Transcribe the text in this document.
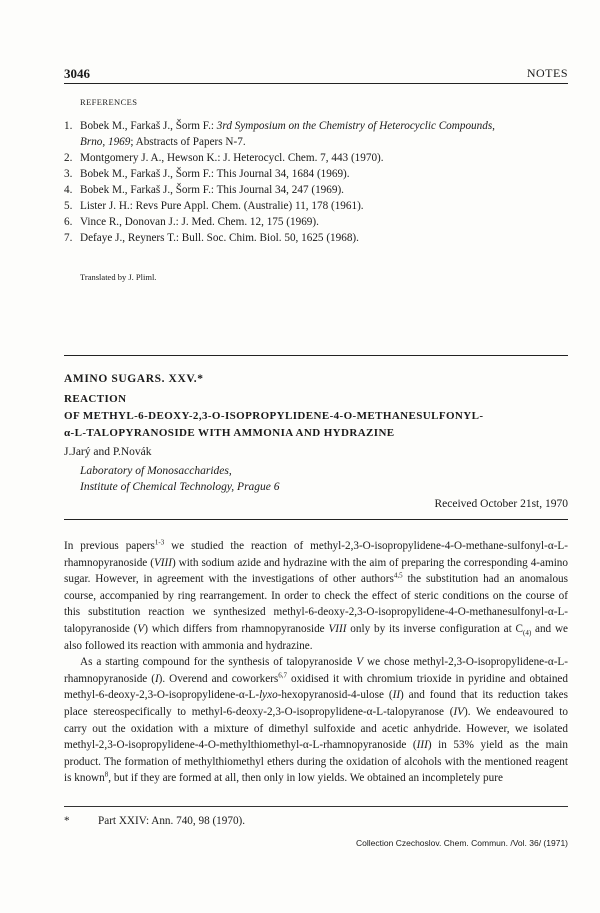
3046	NOTES
REFERENCES
1. Bobek M., Farkaš J., Šorm F.: 3rd Symposium on the Chemistry of Heterocyclic Compounds,
Brno, 1969; Abstracts of Papers N-7.
2. Montgomery J. A., Hewson K.: J. Heterocycl. Chem. 7, 443 (1970).
3. Bobek M., Farkaš J., Šorm F.: This Journal 34, 1684 (1969).
4. Bobek M., Farkaš J., Šorm F.: This Journal 34, 247 (1969).
5. Lister J. H.: Revs Pure Appl. Chem. (Australie) 11, 178 (1961).
6. Vince R., Donovan J.: J. Med. Chem. 12, 175 (1969).
7. Defaye J., Reyners T.: Bull. Soc. Chim. Biol. 50, 1625 (1968).
Translated by J. Pliml.
AMINO SUGARS. XXV.*
REACTION
OF METHYL-6-DEOXY-2,3-O-ISOPROPYLIDENE-4-O-METHANESULFONYL-
α-L-TALOPYRANOSIDE WITH AMMONIA AND HYDRAZINE
J.Jarý and P.Novák
Laboratory of Monosaccharides,
Institute of Chemical Technology, Prague 6
Received October 21st, 1970

In previous papers$^{1-3}$ we studied the reaction of methyl-2,3-O-isopropylidene-4-O-methane-sulfonyl-α-L-rhamnopyranoside (VIII) with sodium azide and hydrazine with the aim of preparing the corresponding 4-amino sugar. However, in agreement with the investigations of other authors$^{4,5}$ the substitution had an anomalous course, accompanied by ring rearrangement. In order to check the effect of steric conditions on the course of this substitution reaction we synthesized methyl-6-deoxy-2,3-O-isopropylidene-4-O-methanesulfonyl-α-L-talopyranoside (V) which differs from rhamnopyranoside VIII only by its inverse configuration at $C_{(4)}$ and we also followed its reaction with ammonia and hydrazine.

As a starting compound for the synthesis of talopyranoside V we chose methyl-2,3-O-isopropylidene-α-L-rhamnopyranoside (I). Overend and coworkers$^{6,7}$ oxidised it with chromium trioxide in pyridine and obtained methyl-6-deoxy-2,3-O-isopropylidene-α-L-lyxo-hexopyranosid-4-ulose (II) and found that its reduction takes place stereospecifically to methyl-6-deoxy-2,3-O-isopropylidene-α-L-talopyranose (IV). We endeavoured to carry out the oxidation with a mixture of dimethyl sulfoxide and acetic anhydride. However, we isolated methyl-2,3-O-isopropylidene-4-O-methylthiomethyl-α-L-rhamnopyranoside (III) in 53% yield as the main product. The formation of methylthiomethyl ethers during the oxidation of alcohols with the mentioned reagent is known$^8$, but if they are formed at all, then only in low yields. We obtained an incompletely pure

*	Part XXIV: Ann. 740, 98 (1970).
Collection Czechoslov. Chem. Commun. /Vol. 36/ (1971)
